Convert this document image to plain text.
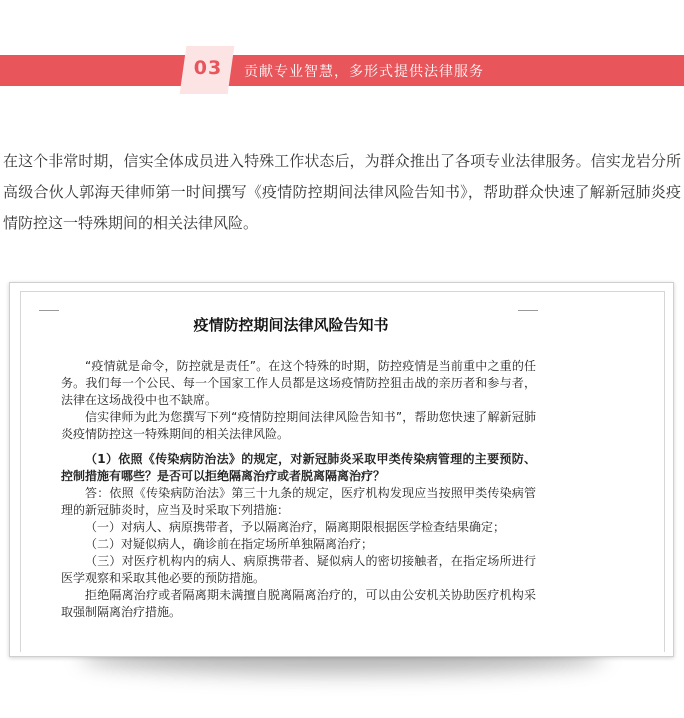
03	贡献专业智慧，多形式提供法律服务
在这个非常时期，信实全体成员进入特殊工作状态后，为群众推出了各项专业法律服务。信实龙岩分所高级合伙人郭海天律师第一时间撰写《疫情防控期间法律风险告知书》，帮助群众快速了解新冠肺炎疫情防控这一特殊期间的相关法律风险。
疫情防控期间法律风险告知书

“疫情就是命令，防控就是责任”。在这个特殊的时期，防控疫情是当前重中之重的任务。我们每一个公民、每一个国家工作人员都是这场疫情防控狙击战的亲历者和参与者，法律在这场战役中也不缺席。

信实律师为此为您撰写下列“疫情防控期间法律风险告知书”，帮助您快速了解新冠肺炎疫情防控这一特殊期间的相关法律风险。

（1）依照《传染病防治法》的规定，对新冠肺炎采取甲类传染病管理的主要预防、控制措施有哪些？是否可以拒绝隔离治疗或者脱离隔离治疗？

答：依照《传染病防治法》第三十九条的规定，医疗机构发现应当按照甲类传染病管理的新冠肺炎时，应当及时采取下列措施：

（一）对病人、病原携带者，予以隔离治疗，隔离期限根据医学检查结果确定；

（二）对疑似病人，确诊前在指定场所单独隔离治疗；

（三）对医疗机构内的病人、病原携带者、疑似病人的密切接触者，在指定场所进行医学观察和采取其他必要的预防措施。

拒绝隔离治疗或者隔离期未满擅自脱离隔离治疗的，可以由公安机关协助医疗机构采取强制隔离治疗措施。
